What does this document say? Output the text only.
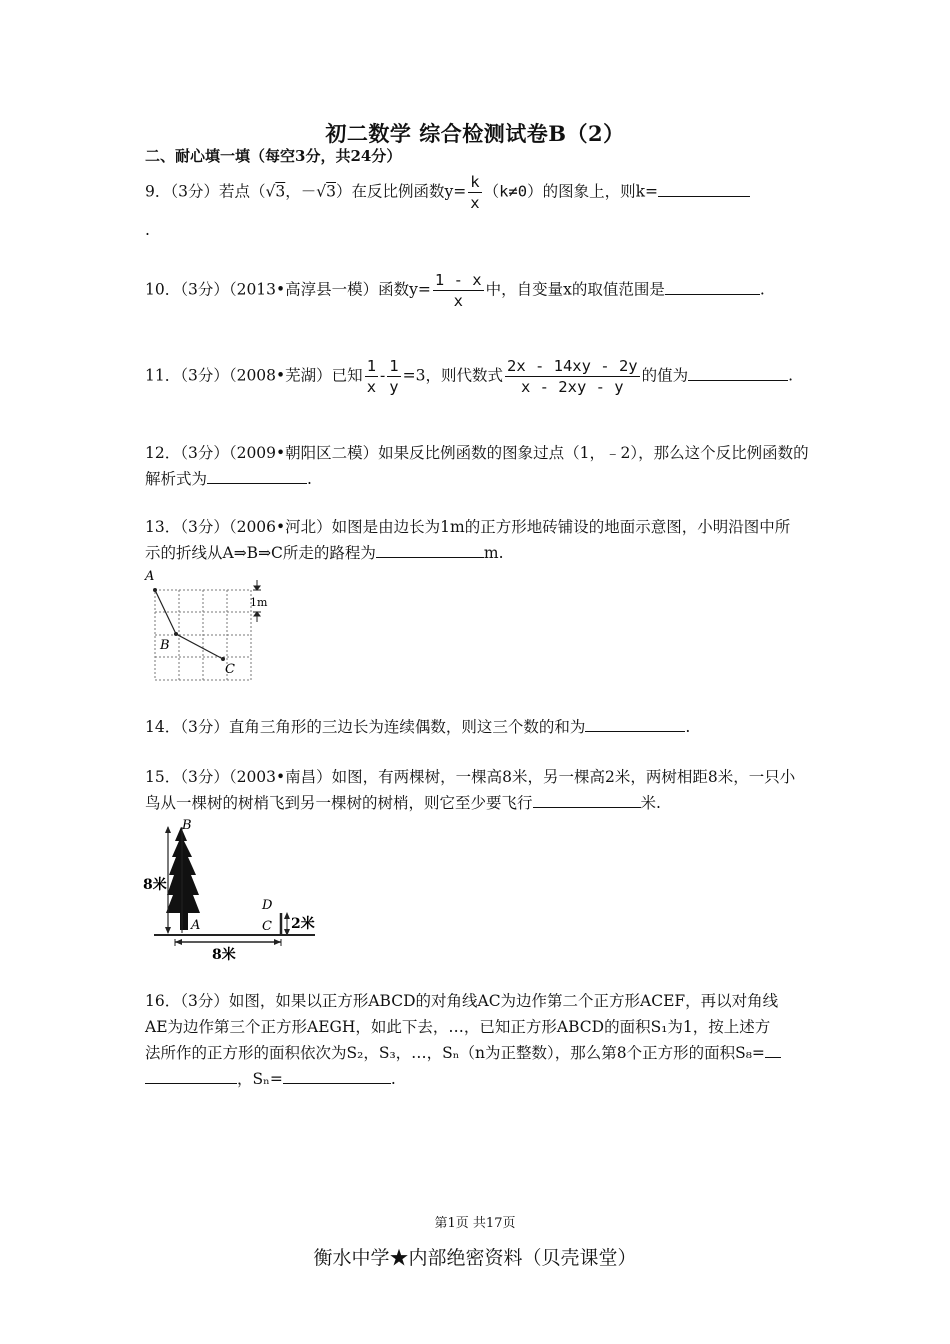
初二数学 综合检测试卷B（2）
二、耐心填一填（每空3分，共24分）
9．（3分）若点（√3，－√3）在反比例函数$y= \frac{k}{x} (k\ne 0)$的图象上，则k=
.
10．（3分）（2013•高淳县一模）函数$y= \frac{1 - x}{x}$ 中，自变量x的取值范围是	.
11．（3分）（2008•芜湖）已知 $\frac{1}{x} - \frac{1}{y} =3$，则代数式 $\frac{2x - 14xy - 2y}{x - 2xy - y}$ 的值为	.
12．（3分）（2009•朝阳区二模）如果反比例函数的图象过点（1，﹣2），那么这个反比例函数的
解析式为	.
13．（3分）（2006•河北）如图是由边长为1m的正方形地砖铺设的地面示意图，小明沿图中所
示的折线从A⇒B⇒C所走的路程为	m.
A
B
C
1m
14．（3分）直角三角形的三边长为连续偶数，则这三个数的和为	.
15．（3分）（2003•南昌）如图，有两棵树，一棵高8米，另一棵高2米，两树相距8米，一只小
鸟从一棵树的树梢飞到另一棵树的树梢，则它至少要飞行	米.
8米
B
A
D
C 2米
8米
16．（3分）如图，如果以正方形ABCD的对角线AC为边作第二个正方形ACEF，再以对角线
AE为边作第三个正方形AEGH，如此下去，…，已知正方形ABCD的面积S₁为1，按上述方
法所作的正方形的面积依次为S₂，S₃，…，Sₙ（n为正整数），那么第8个正方形的面积S₈=
，Sₙ=	.
第1页 共17页
衡水中学★内部绝密资料（贝壳课堂）
